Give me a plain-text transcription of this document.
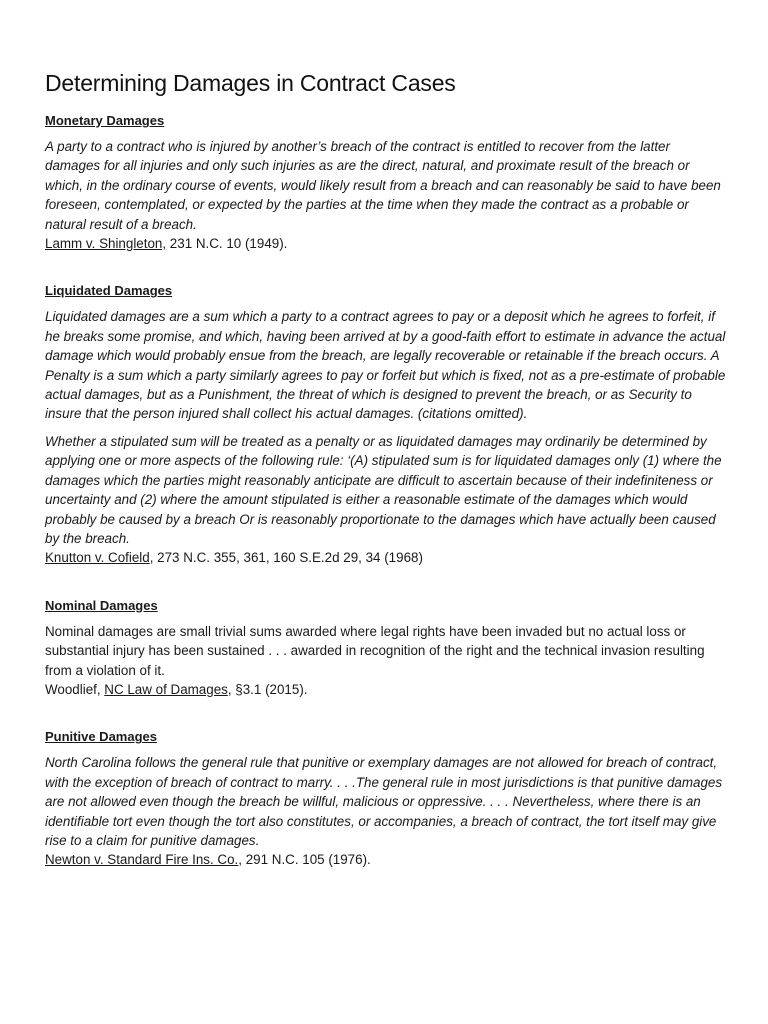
Determining Damages in Contract Cases
Monetary Damages

A party to a contract who is injured by another’s breach of the contract is entitled to recover from the latter damages for all injuries and only such injuries as are the direct, natural, and proximate result of the breach or which, in the ordinary course of events, would likely result from a breach and can reasonably be said to have been foreseen, contemplated, or expected by the parties at the time when they made the contract as a probable or natural result of a breach.

Lamm v. Shingleton, 231 N.C. 10 (1949).

Liquidated Damages

Liquidated damages are a sum which a party to a contract agrees to pay or a deposit which he agrees to forfeit, if he breaks some promise, and which, having been arrived at by a good-faith effort to estimate in advance the actual damage which would probably ensue from the breach, are legally recoverable or retainable if the breach occurs. A Penalty is a sum which a party similarly agrees to pay or forfeit but which is fixed, not as a pre-estimate of probable actual damages, but as a Punishment, the threat of which is designed to prevent the breach, or as Security to insure that the person injured shall collect his actual damages. (citations omitted).

Whether a stipulated sum will be treated as a penalty or as liquidated damages may ordinarily be determined by applying one or more aspects of the following rule: ‘(A) stipulated sum is for liquidated damages only (1) where the damages which the parties might reasonably anticipate are difficult to ascertain because of their indefiniteness or uncertainty and (2) where the amount stipulated is either a reasonable estimate of the damages which would probably be caused by a breach Or is reasonably proportionate to the damages which have actually been caused by the breach.

Knutton v. Cofield, 273 N.C. 355, 361, 160 S.E.2d 29, 34 (1968)

Nominal Damages

Nominal damages are small trivial sums awarded where legal rights have been invaded but no actual loss or substantial injury has been sustained . . . awarded in recognition of the right and the technical invasion resulting from a violation of it.

Woodlief, NC Law of Damages, §3.1 (2015).

Punitive Damages

North Carolina follows the general rule that punitive or exemplary damages are not allowed for breach of contract, with the exception of breach of contract to marry. . . .The general rule in most jurisdictions is that punitive damages are not allowed even though the breach be willful, malicious or oppressive. . . . Nevertheless, where there is an identifiable tort even though the tort also constitutes, or accompanies, a breach of contract, the tort itself may give rise to a claim for punitive damages.

Newton v. Standard Fire Ins. Co., 291 N.C. 105 (1976).
